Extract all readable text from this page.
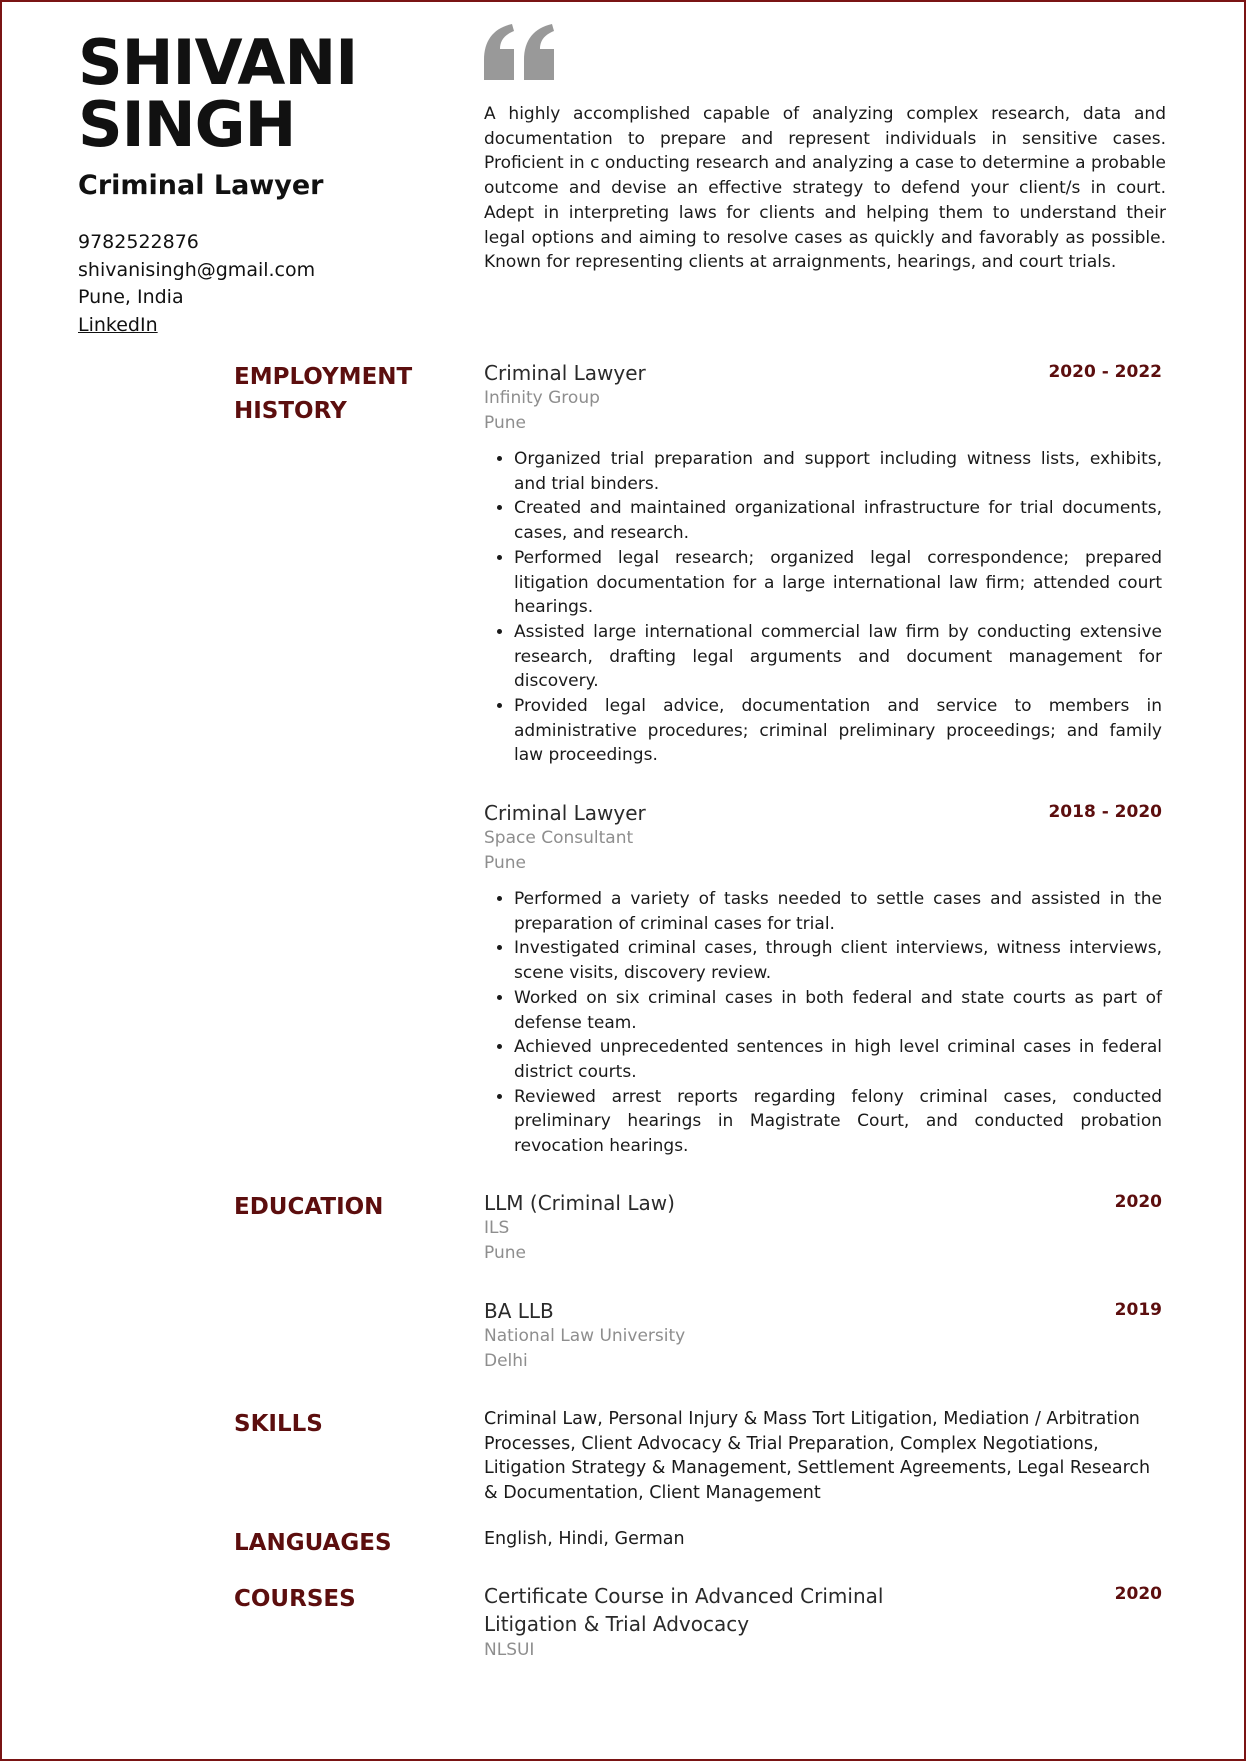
SHIVANI
SINGH
Criminal Lawyer
9782522876
shivanisingh@gmail.com
Pune, India
LinkedIn
A highly accomplished capable of analyzing complex research, data and documentation to prepare and represent individuals in sensitive cases. Proficient in c onducting research and analyzing a case to determine a probable outcome and devise an effective strategy to defend your client/s in court. Adept in interpreting laws for clients and helping them to understand their legal options and aiming to resolve cases as quickly and favorably as possible. Known for representing clients at arraignments, hearings, and court trials.
EMPLOYMENT
HISTORY
Criminal Lawyer	2020 - 2022
Infinity Group
Pune
• Organized trial preparation and support including witness lists, exhibits, and trial binders.
• Created and maintained organizational infrastructure for trial documents, cases, and research.
• Performed legal research; organized legal correspondence; prepared litigation documentation for a large international law firm; attended court hearings.
• Assisted large international commercial law firm by conducting extensive research, drafting legal arguments and document management for discovery.
• Provided legal advice, documentation and service to members in administrative procedures; criminal preliminary proceedings; and family law proceedings.
Criminal Lawyer	2018 - 2020
Space Consultant
Pune
• Performed a variety of tasks needed to settle cases and assisted in the preparation of criminal cases for trial.
• Investigated criminal cases, through client interviews, witness interviews, scene visits, discovery review.
• Worked on six criminal cases in both federal and state courts as part of defense team.
• Achieved unprecedented sentences in high level criminal cases in federal district courts.
• Reviewed arrest reports regarding felony criminal cases, conducted preliminary hearings in Magistrate Court, and conducted probation revocation hearings.
EDUCATION	LLM (Criminal Law)	2020
ILS
Pune
BA LLB	2019
National Law University
Delhi
SKILLS	Criminal Law, Personal Injury & Mass Tort Litigation, Mediation / Arbitration Processes, Client Advocacy & Trial Preparation, Complex Negotiations, Litigation Strategy & Management, Settlement Agreements, Legal Research & Documentation, Client Management
LANGUAGES	English, Hindi, German
COURSES	Certificate Course in Advanced Criminal Litigation & Trial Advocacy
2020
NLSUI
